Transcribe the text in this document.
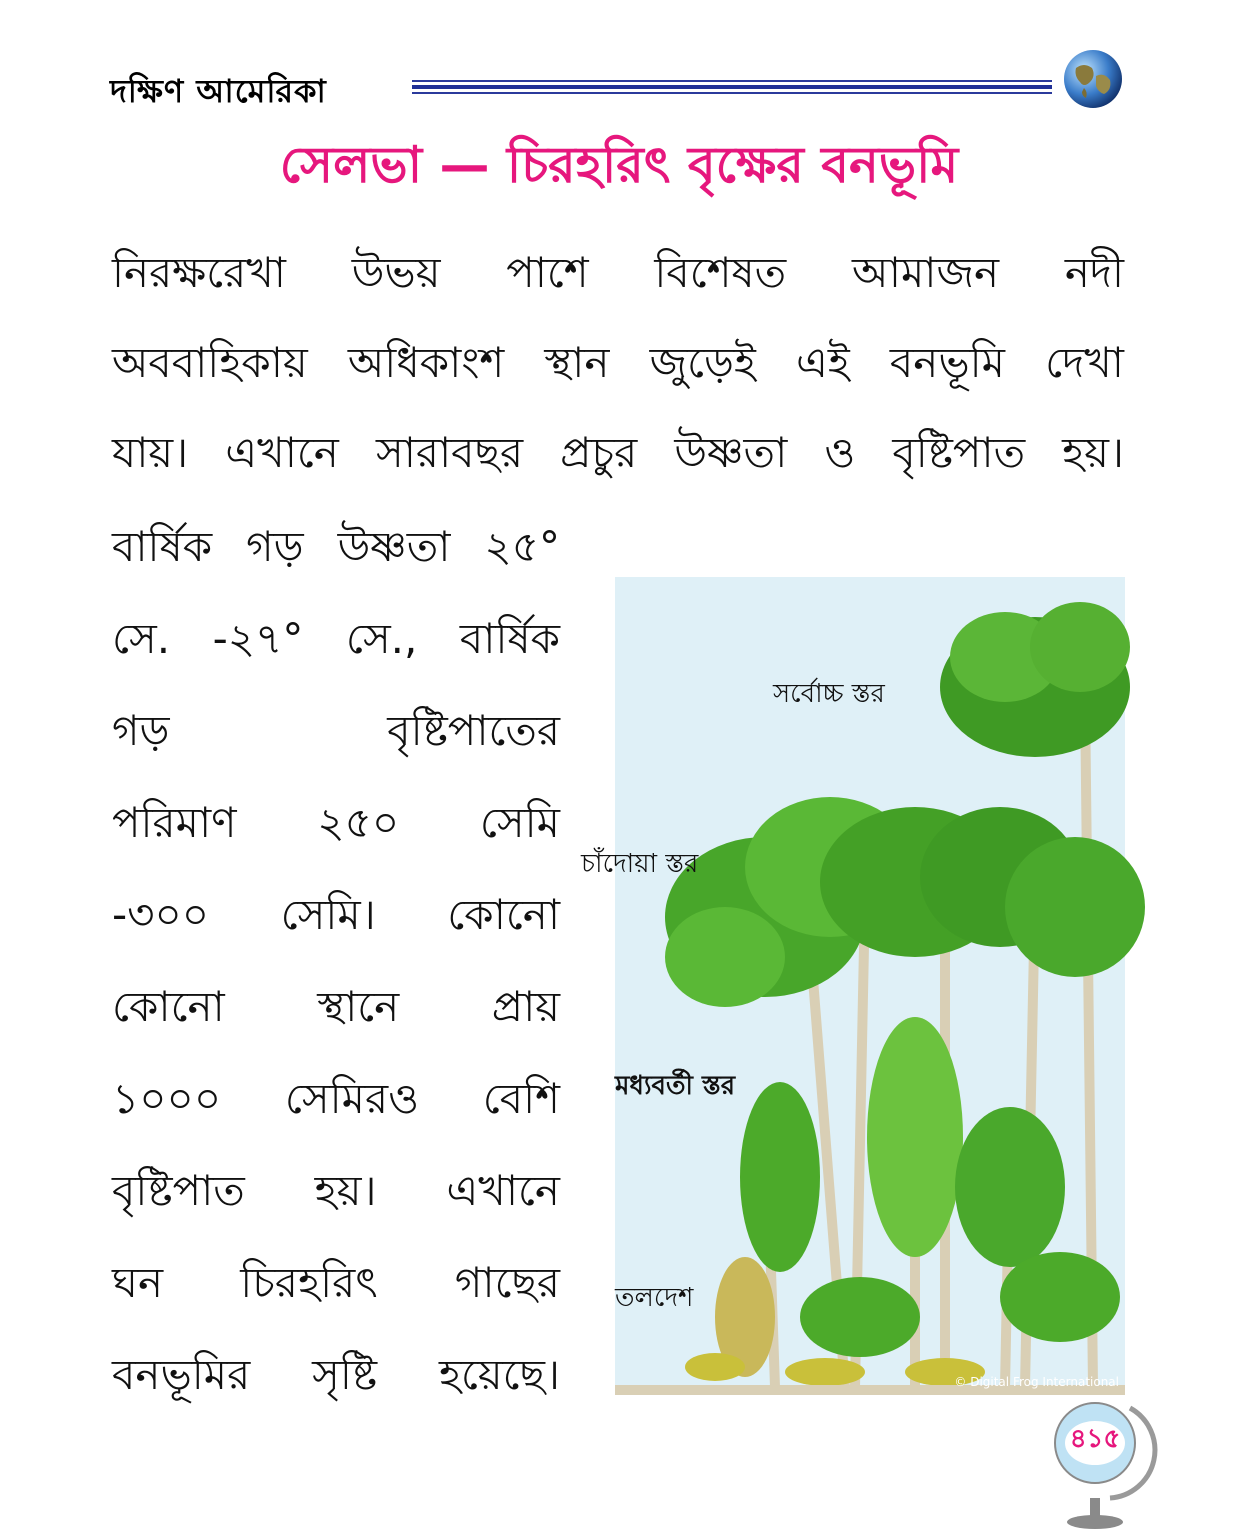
দক্ষিণ আমেরিকা
সেলভা — চিরহরিৎ বৃক্ষের বনভূমি
নিরক্ষরেখা উভয় পাশে বিশেষত আমাজন নদী
অববাহিকায় অধিকাংশ স্থান জুড়েই এই বনভূমি দেখা
যায়। এখানে সারাবছর প্রচুর উষ্ণতা ও বৃষ্টিপাত হয়।
বার্ষিক গড় উষ্ণতা ২৫°
সে. -২৭° সে., বার্ষিক
গড় বৃষ্টিপাতের
পরিমাণ ২৫০ সেমি
-৩০০ সেমি। কোনো
কোনো স্থানে প্রায়
১০০০ সেমিরও বেশি
বৃষ্টিপাত হয়। এখানে
ঘন চিরহরিৎ গাছের
বনভূমির সৃষ্টি হয়েছে।
সর্বোচ্চ স্তর
চাঁদোয়া স্তর
মধ্যবর্তী স্তর
তলদেশ
© Digital Frog International
৪১৫
